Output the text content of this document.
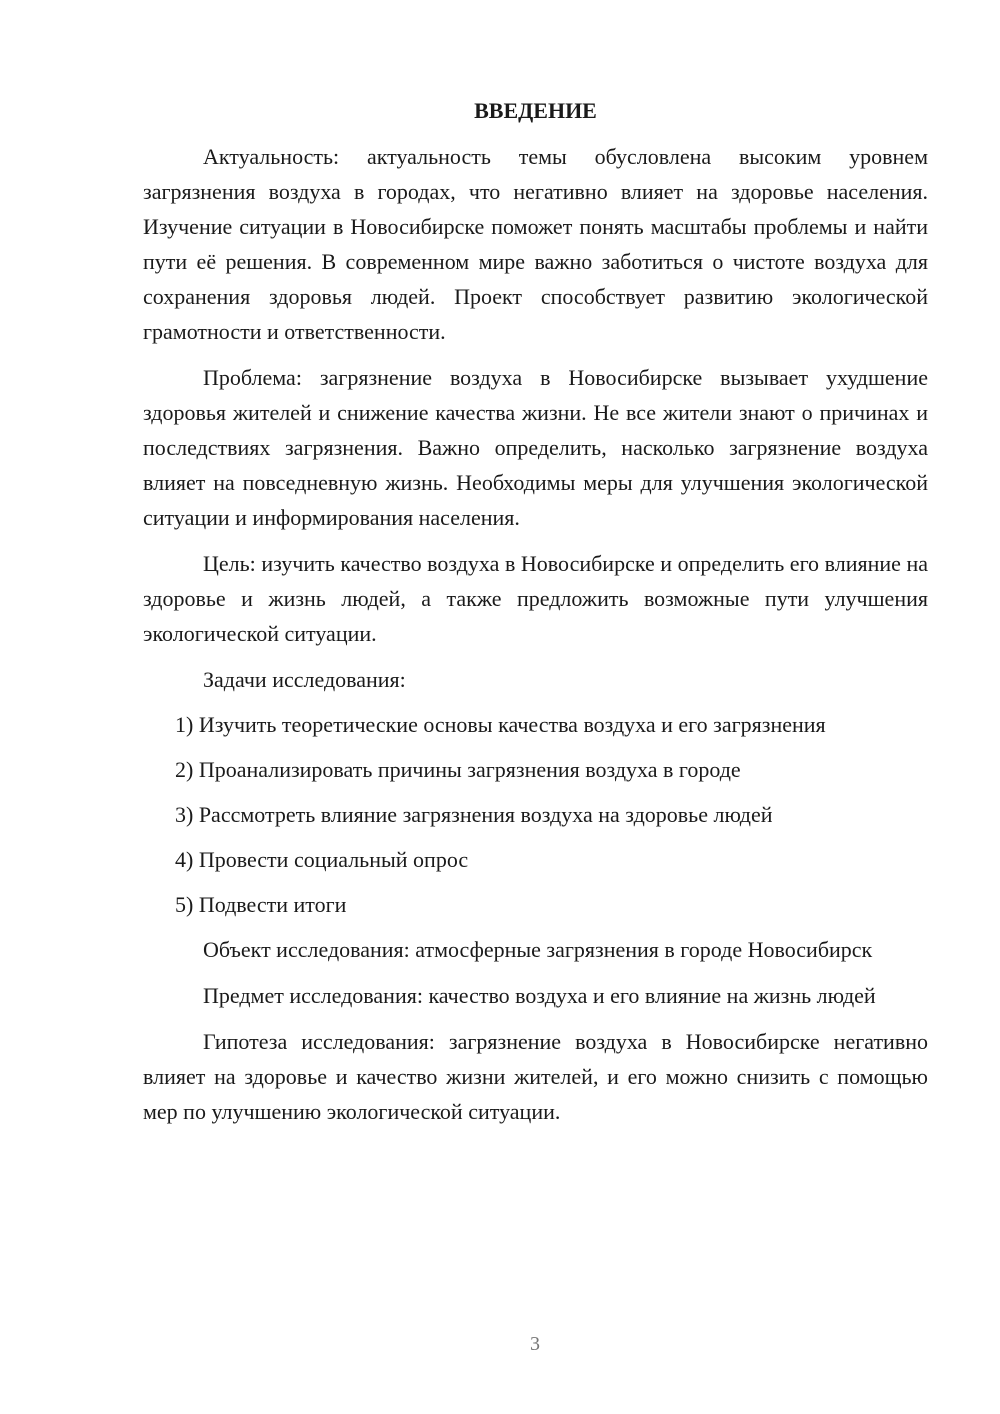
ВВЕДЕНИЕ

Актуальность: актуальность темы обусловлена высоким уровнем загрязнения воздуха в городах, что негативно влияет на здоровье населения. Изучение ситуации в Новосибирске поможет понять масштабы проблемы и найти пути её решения. В современном мире важно заботиться о чистоте воздуха для сохранения здоровья людей. Проект способствует развитию экологической грамотности и ответственности.

Проблема: загрязнение воздуха в Новосибирске вызывает ухудшение здоровья жителей и снижение качества жизни. Не все жители знают о причинах и последствиях загрязнения. Важно определить, насколько загрязнение воздуха влияет на повседневную жизнь. Необходимы меры для улучшения экологической ситуации и информирования населения.

Цель: изучить качество воздуха в Новосибирске и определить его влияние на здоровье и жизнь людей, а также предложить возможные пути улучшения экологической ситуации.

Задачи исследования:

1) Изучить теоретические основы качества воздуха и его загрязнения
2) Проанализировать причины загрязнения воздуха в городе
3) Рассмотреть влияние загрязнения воздуха на здоровье людей
4) Провести социальный опрос
5) Подвести итоги

Объект исследования: атмосферные загрязнения в городе Новосибирск

Предмет исследования: качество воздуха и его влияние на жизнь людей

Гипотеза исследования: загрязнение воздуха в Новосибирске негативно влияет на здоровье и качество жизни жителей, и его можно снизить с помощью мер по улучшению экологической ситуации.

3
